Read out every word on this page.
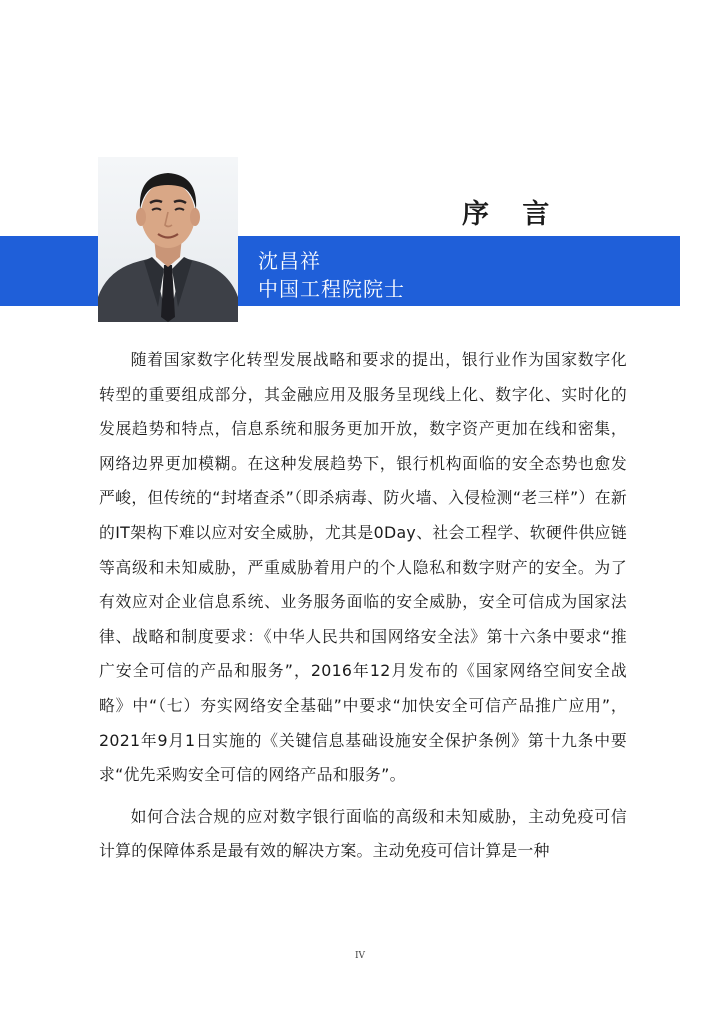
序 言
沈昌祥
中国工程院院士

随着国家数字化转型发展战略和要求的提出，银行业作为国家数字化转型的重要组成部分，其金融应用及服务呈现线上化、数字化、实时化的发展趋势和特点，信息系统和服务更加开放，数字资产更加在线和密集，网络边界更加模糊。在这种发展趋势下，银行机构面临的安全态势也愈发严峻，但传统的“封堵查杀”（即杀病毒、防火墙、入侵检测“老三样”）在新的IT架构下难以应对安全威胁，尤其是0Day、社会工程学、软硬件供应链等高级和未知威胁，严重威胁着用户的个人隐私和数字财产的安全。为了有效应对企业信息系统、业务服务面临的安全威胁，安全可信成为国家法律、战略和制度要求：《中华人民共和国网络安全法》第十六条中要求“推广安全可信的产品和服务”，2016年12月发布的《国家网络空间安全战略》中“（七）夯实网络安全基础”中要求“加快安全可信产品推广应用”，2021年9月1日实施的《关键信息基础设施安全保护条例》第十九条中要求“优先采购安全可信的网络产品和服务”。

如何合法合规的应对数字银行面临的高级和未知威胁，主动免疫可信计算的保障体系是最有效的解决方案。主动免疫可信计算是一种

IV
